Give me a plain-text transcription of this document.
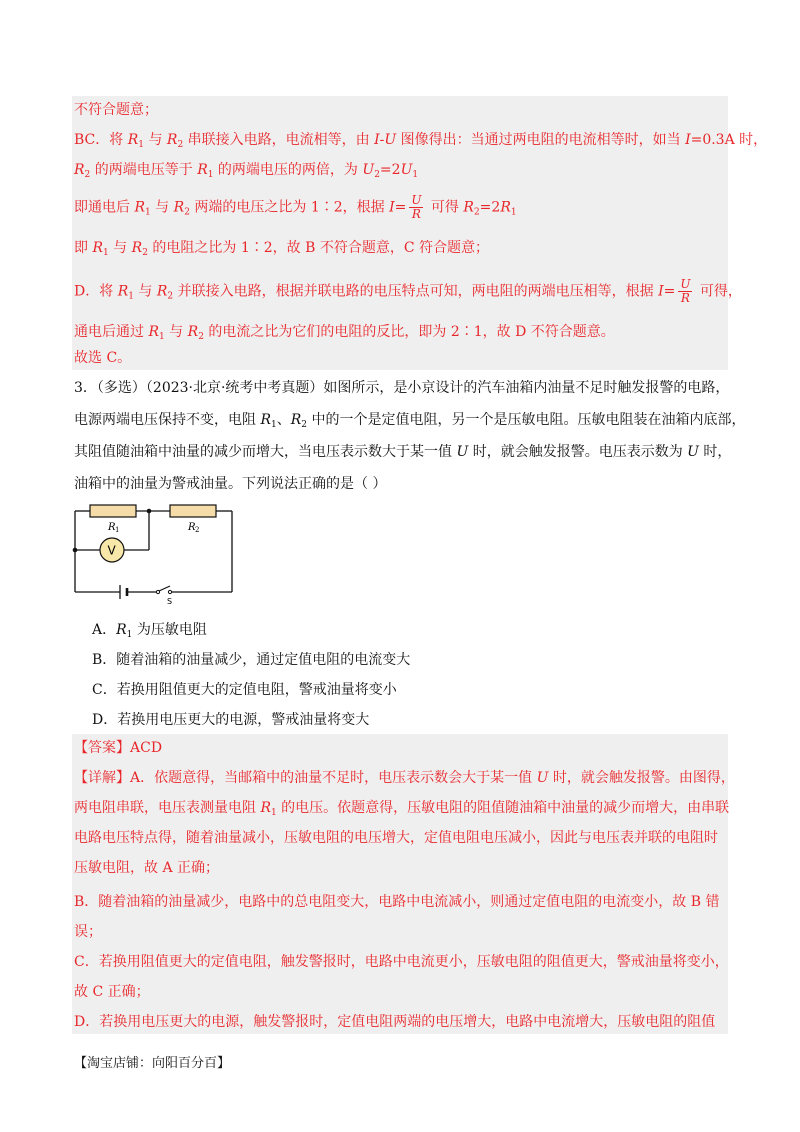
不符合题意；
BC．将 $R_1$ 与 $R_2$ 串联接入电路，电流相等，由 I-U 图像得出：当通过两电阻的电流相等时，如当 I=0.3A 时，
$R_2$ 的两端电压等于 $R_1$ 的两端电压的两倍，为 $U_2=2U_1$
即通电后 $R_1$ 与 $R_2$ 两端的电压之比为 1∶2，根据 $I= \frac{U}{R}$ 可得 $R_2=2R_1$
即 $R_1$ 与 $R_2$ 的电阻之比为 1∶2，故 B 不符合题意，C 符合题意；
D．将 $R_1$ 与 $R_2$ 并联接入电路，根据并联电路的电压特点可知，两电阻的两端电压相等，根据 $I= \frac{U}{R}$ 可得，
通电后通过 $R_1$ 与 $R_2$ 的电流之比为它们的电阻的反比，即为 2∶1，故 D 不符合题意。
故选 C。
3．（多选）（2023·北京·统考中考真题）如图所示，是小京设计的汽车油箱内油量不足时触发报警的电路，
电源两端电压保持不变，电阻 $R_1$、$R_2$ 中的一个是定值电阻，另一个是压敏电阻。压敏电阻装在油箱内底部，
其阻值随油箱中油量的减少而增大，当电压表示数大于某一值 U 时，就会触发报警。电压表示数为 U 时，
油箱中的油量为警戒油量。下列说法正确的是（ ）
R 1	R 2
V
S
A．$R_1$ 为压敏电阻
B．随着油箱的油量减少，通过定值电阻的电流变大
C．若换用阻值更大的定值电阻，警戒油量将变小
D．若换用电压更大的电源，警戒油量将变大
【答案】ACD
【详解】A．依题意得，当邮箱中的油量不足时，电压表示数会大于某一值 U 时，就会触发报警。由图得，
两电阻串联，电压表测量电阻 $R_1$ 的电压。依题意得，压敏电阻的阻值随油箱中油量的减少而增大，由串联
电路电压特点得，随着油量减小，压敏电阻的电压增大，定值电阻电压减小，因此与电压表并联的电阻时
压敏电阻，故 A 正确；
B．随着油箱的油量减少，电路中的总电阻变大，电路中电流减小，则通过定值电阻的电流变小，故 B 错
误；
C．若换用阻值更大的定值电阻，触发警报时，电路中电流更小，压敏电阻的阻值更大，警戒油量将变小，
故 C 正确；
D．若换用电压更大的电源，触发警报时，定值电阻两端的电压增大，电路中电流增大，压敏电阻的阻值
【淘宝店铺：向阳百分百】
